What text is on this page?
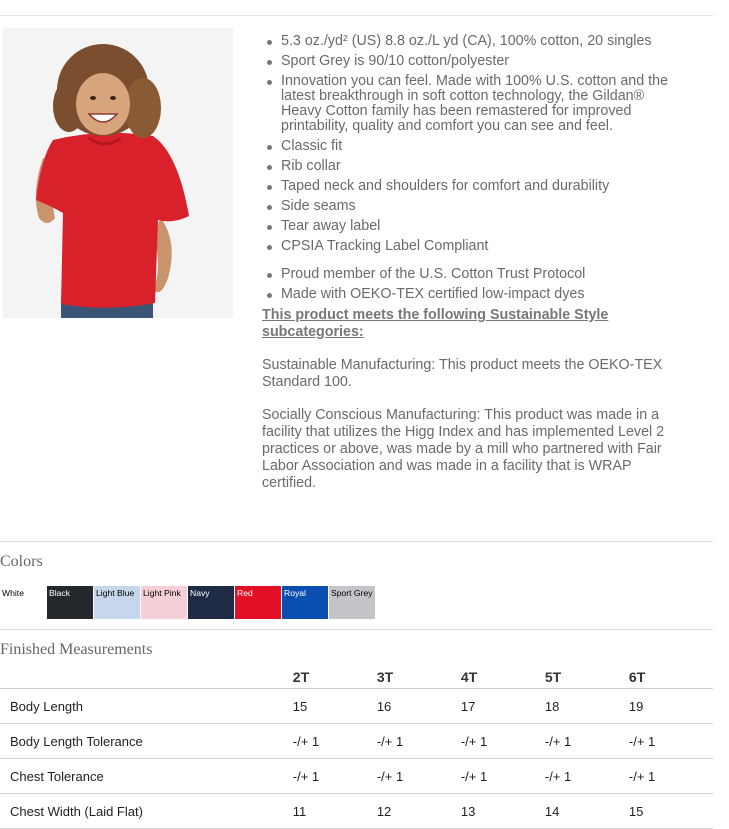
5.3 oz./yd² (US) 8.8 oz./L yd (CA), 100% cotton, 20 singles
Sport Grey is 90/10 cotton/polyester
Innovation you can feel. Made with 100% U.S. cotton and the latest breakthrough in soft cotton technology, the Gildan® Heavy Cotton family has been remastered for improved printability, quality and comfort you can see and feel.
Classic fit
Rib collar
Taped neck and shoulders for comfort and durability
Side seams
Tear away label
CPSIA Tracking Label Compliant
Proud member of the U.S. Cotton Trust Protocol
Made with OEKO-TEX certified low-impact dyes
This product meets the following Sustainable Style subcategories:
Sustainable Manufacturing: This product meets the OEKO-TEX Standard 100.
Socially Conscious Manufacturing: This product was made in a facility that utilizes the Higg Index and has implemented Level 2 practices or above, was made by a mill who partnered with Fair Labor Association and was made in a facility that is WRAP certified.
Colors
White	Black	Light Blue	Light Pink	Navy	Red	Royal	Sport Grey
Finished Measurements
	2T	3T	4T	5T	6T
Body Length	15	16	17	18	19
Body Length Tolerance	-/+ 1	-/+ 1	-/+ 1	-/+ 1	-/+ 1
Chest Tolerance	-/+ 1	-/+ 1	-/+ 1	-/+ 1	-/+ 1
Chest Width (Laid Flat)	11	12	13	14	15
